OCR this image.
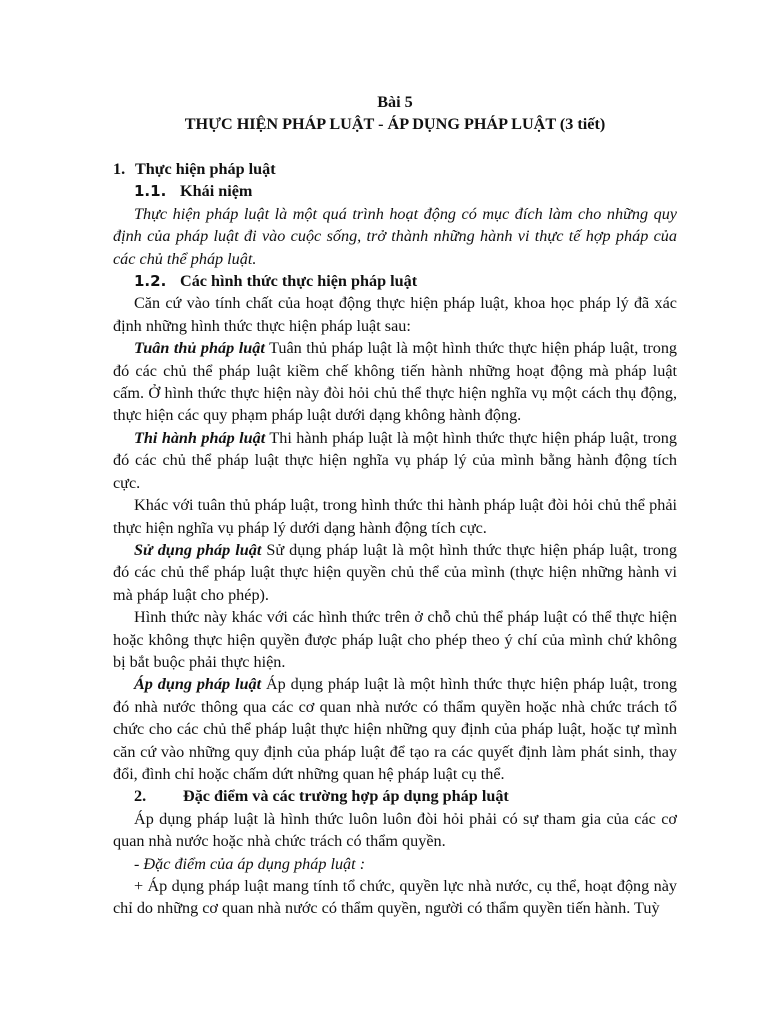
Bài 5
THỰC HIỆN PHÁP LUẬT - ÁP DỤNG PHÁP LUẬT (3 tiết)

1. Thực hiện pháp luật

1.1. Khái niệm

Thực hiện pháp luật là một quá trình hoạt động có mục đích làm cho những quy định của pháp luật đi vào cuộc sống, trở thành những hành vi thực tế hợp pháp của các chủ thể pháp luật.

1.2. Các hình thức thực hiện pháp luật

Căn cứ vào tính chất của hoạt động thực hiện pháp luật, khoa học pháp lý đã xác định những hình thức thực hiện pháp luật sau:

Tuân thủ pháp luật Tuân thủ pháp luật là một hình thức thực hiện pháp luật, trong đó các chủ thể pháp luật kiềm chế không tiến hành những hoạt động mà pháp luật cấm. Ở hình thức thực hiện này đòi hỏi chủ thể thực hiện nghĩa vụ một cách thụ động, thực hiện các quy phạm pháp luật dưới dạng không hành động.

Thi hành pháp luật Thi hành pháp luật là một hình thức thực hiện pháp luật, trong đó các chủ thể pháp luật thực hiện nghĩa vụ pháp lý của mình bằng hành động tích cực.

Khác với tuân thủ pháp luật, trong hình thức thi hành pháp luật đòi hỏi chủ thể phải thực hiện nghĩa vụ pháp lý dưới dạng hành động tích cực.

Sử dụng pháp luật Sử dụng pháp luật là một hình thức thực hiện pháp luật, trong đó các chủ thể pháp luật thực hiện quyền chủ thể của mình (thực hiện những hành vi mà pháp luật cho phép).

Hình thức này khác với các hình thức trên ở chỗ chủ thể pháp luật có thể thực hiện hoặc không thực hiện quyền được pháp luật cho phép theo ý chí của mình chứ không bị bắt buộc phải thực hiện.

Áp dụng pháp luật Áp dụng pháp luật là một hình thức thực hiện pháp luật, trong đó nhà nước thông qua các cơ quan nhà nước có thẩm quyền hoặc nhà chức trách tổ chức cho các chủ thể pháp luật thực hiện những quy định của pháp luật, hoặc tự mình căn cứ vào những quy định của pháp luật để tạo ra các quyết định làm phát sinh, thay đổi, đình chỉ hoặc chấm dứt những quan hệ pháp luật cụ thể.

2. Đặc điểm và các trường hợp áp dụng pháp luật

Áp dụng pháp luật là hình thức luôn luôn đòi hỏi phải có sự tham gia của các cơ quan nhà nước hoặc nhà chức trách có thẩm quyền.

- Đặc điểm của áp dụng pháp luật :

+ Áp dụng pháp luật mang tính tổ chức, quyền lực nhà nước, cụ thể, hoạt động này chỉ do những cơ quan nhà nước có thẩm quyền, người có thẩm quyền tiến hành. Tuỳ
